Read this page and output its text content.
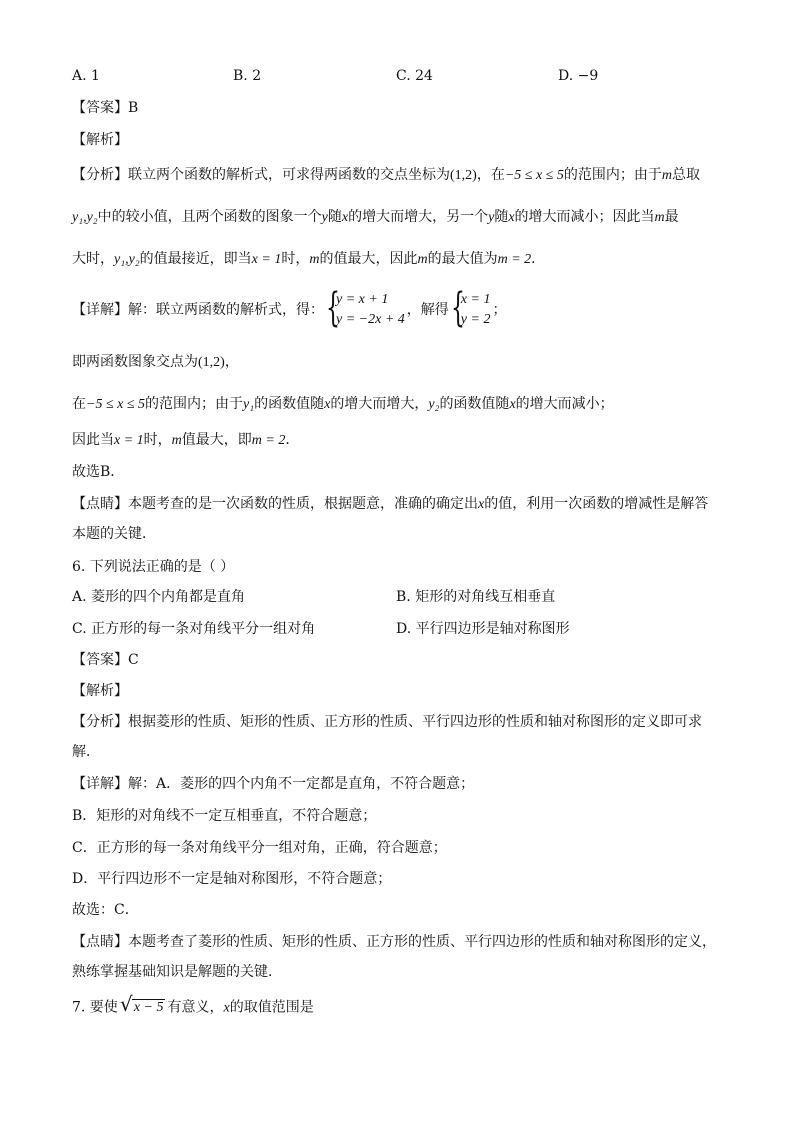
A. 1	B. 2	C. 24	D. −9
【答案】B
【解析】
【分析】联立两个函数的解析式，可求得两函数的交点坐标为(1,2)，在−5 ≤ x ≤ 5的范围内；由于m总取
y₁,y₂中的较小值，且两个函数的图象一个y随x的增大而增大，另一个y随x的增大而减小；因此当m最
大时，y₁,y₂的值最接近，即当x = 1时，m的值最大，因此m的最大值为m = 2．
【详解】解：联立两函数的解析式，得： {
y = x + 1
y = −2x + 4
，解得 {
x = 1
y = 2
；
即两函数图象交点为(1,2)，
在−5 ≤ x ≤ 5的范围内；由于y₁的函数值随x的增大而增大，y₂的函数值随x的增大而减小；
因此当x = 1时，m值最大，即m = 2．
故选B．
【点睛】本题考查的是一次函数的性质，根据题意，准确的确定出x的值，利用一次函数的增减性是解答
本题的关键．
6. 下列说法正确的是（ ）
A. 菱形的四个内角都是直角	B. 矩形的对角线互相垂直
C. 正方形的每一条对角线平分一组对角	D. 平行四边形是轴对称图形
【答案】C
【解析】
【分析】根据菱形的性质、矩形的性质、正方形的性质、平行四边形的性质和轴对称图形的定义即可求
解．
【详解】解：A．菱形的四个内角不一定都是直角，不符合题意；
B．矩形的对角线不一定互相垂直，不符合题意；
C．正方形的每一条对角线平分一组对角，正确，符合题意；
D．平行四边形不一定是轴对称图形，不符合题意；
故选：C．
【点睛】本题考查了菱形的性质、矩形的性质、正方形的性质、平行四边形的性质和轴对称图形的定义，
熟练掌握基础知识是解题的关键．
7. 要使 √ x − 5 有意义，x的取值范围是
